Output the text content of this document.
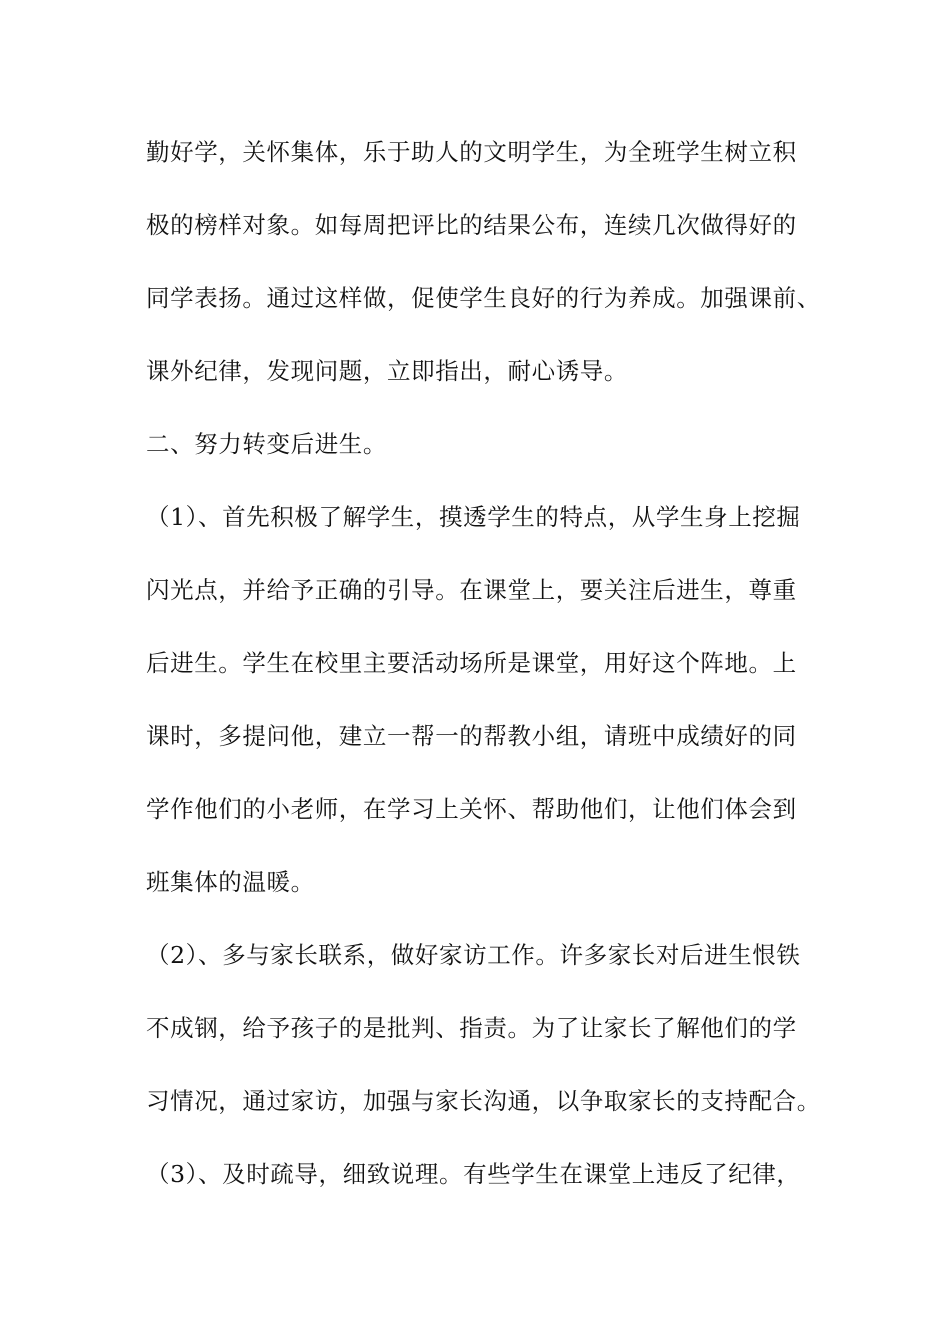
勤好学，关怀集体，乐于助人的文明学生，为全班学生树立积
极的榜样对象。如每周把评比的结果公布，连续几次做得好的
同学表扬。通过这样做，促使学生良好的行为养成。加强课前、
课外纪律，发现问题，立即指出，耐心诱导。
二、努力转变后进生。
（1）、首先积极了解学生，摸透学生的特点，从学生身上挖掘
闪光点，并给予正确的引导。在课堂上，要关注后进生，尊重
后进生。学生在校里主要活动场所是课堂，用好这个阵地。上
课时，多提问他，建立一帮一的帮教小组，请班中成绩好的同
学作他们的小老师，在学习上关怀、帮助他们，让他们体会到
班集体的温暖。
（2）、多与家长联系，做好家访工作。许多家长对后进生恨铁
不成钢，给予孩子的是批判、指责。为了让家长了解他们的学
习情况，通过家访，加强与家长沟通，以争取家长的支持配合。
（3）、及时疏导，细致说理。有些学生在课堂上违反了纪律，
